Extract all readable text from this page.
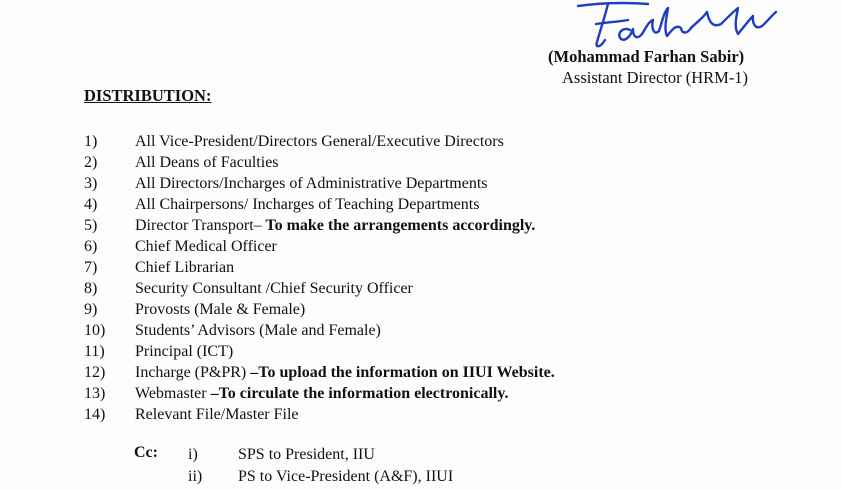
(Mohammad Farhan Sabir)
Assistant Director (HRM-1)
DISTRIBUTION:
1)	All Vice-President/Directors General/Executive Directors
2)	All Deans of Faculties
3)	All Directors/Incharges of Administrative Departments
4)	All Chairpersons/ Incharges of Teaching Departments
5)	Director Transport– To make the arrangements accordingly.
6)	Chief Medical Officer
7)	Chief Librarian
8)	Security Consultant /Chief Security Officer
9)	Provosts (Male & Female)
10)	Students’ Advisors (Male and Female)
11)	Principal (ICT)
12)	Incharge (P&PR) –To upload the information on IIUI Website.
13)	Webmaster –To circulate the information electronically.
14)	Relevant File/Master File
Cc: i)	SPS to President, IIU
ii) PS to Vice-President (A&F), IIUI
